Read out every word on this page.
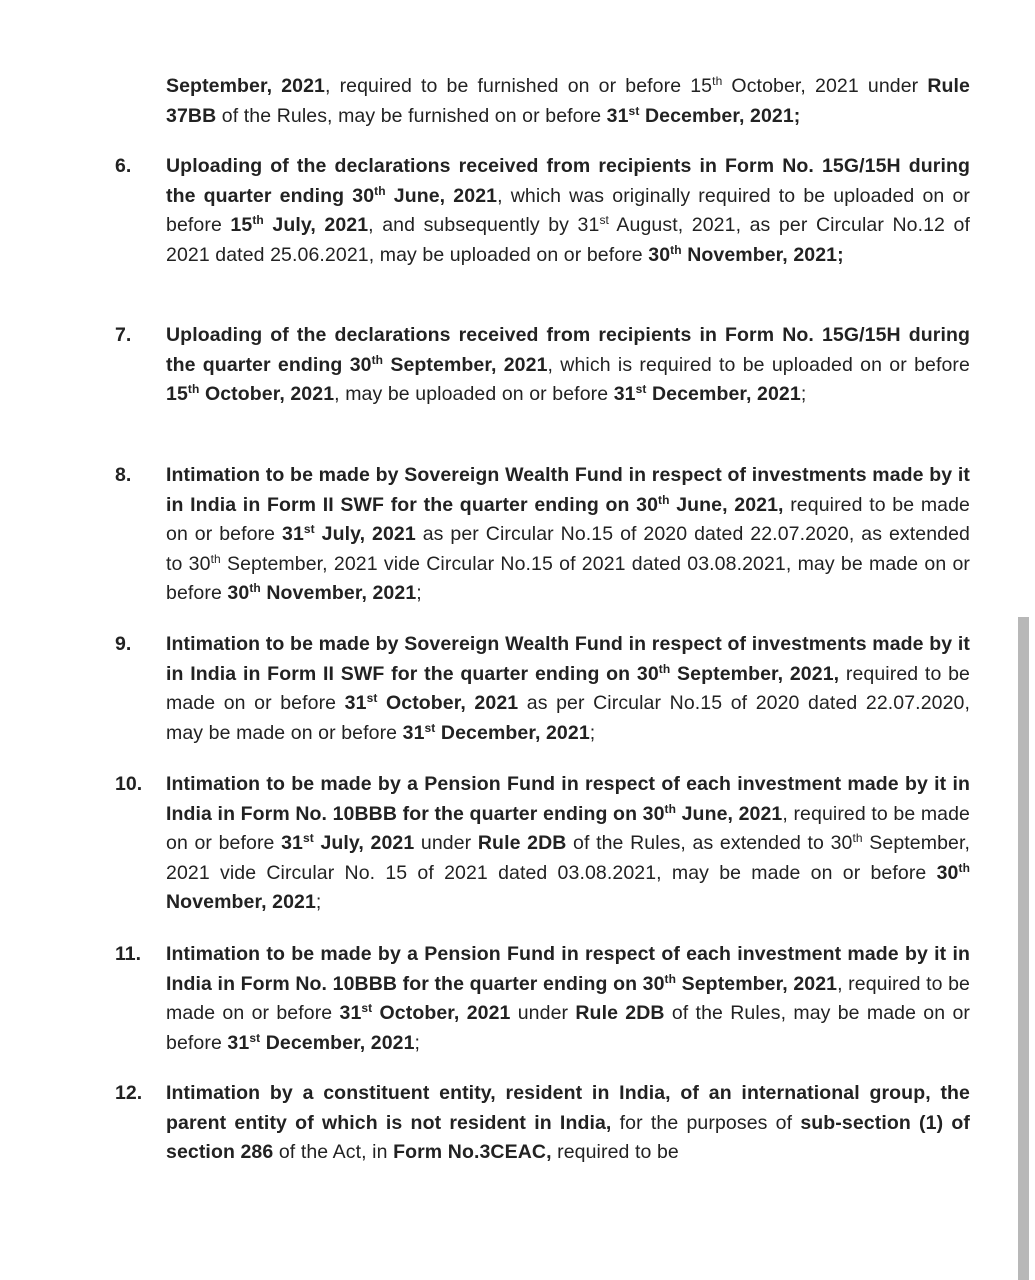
September, 2021, required to be furnished on or before 15th October, 2021 under Rule 37BB of the Rules, may be furnished on or before 31st December, 2021;
6. Uploading of the declarations received from recipients in Form No. 15G/15H during the quarter ending 30th June, 2021, which was originally required to be uploaded on or before 15th July, 2021, and subsequently by 31st August, 2021, as per Circular No.12 of 2021 dated 25.06.2021, may be uploaded on or before 30th November, 2021;
7. Uploading of the declarations received from recipients in Form No. 15G/15H during the quarter ending 30th September, 2021, which is required to be uploaded on or before 15th October, 2021, may be uploaded on or before 31st December, 2021;
8. Intimation to be made by Sovereign Wealth Fund in respect of investments made by it in India in Form II SWF for the quarter ending on 30th June, 2021, required to be made on or before 31st July, 2021 as per Circular No.15 of 2020 dated 22.07.2020, as extended to 30th September, 2021 vide Circular No.15 of 2021 dated 03.08.2021, may be made on or before 30th November, 2021;
9. Intimation to be made by Sovereign Wealth Fund in respect of investments made by it in India in Form II SWF for the quarter ending on 30th September, 2021, required to be made on or before 31st October, 2021 as per Circular No.15 of 2020 dated 22.07.2020, may be made on or before 31st December, 2021;
10. Intimation to be made by a Pension Fund in respect of each investment made by it in India in Form No. 10BBB for the quarter ending on 30th June, 2021, required to be made on or before 31st July, 2021 under Rule 2DB of the Rules, as extended to 30th September, 2021 vide Circular No. 15 of 2021 dated 03.08.2021, may be made on or before 30th November, 2021;
11. Intimation to be made by a Pension Fund in respect of each investment made by it in India in Form No. 10BBB for the quarter ending on 30th September, 2021, required to be made on or before 31st October, 2021 under Rule 2DB of the Rules, may be made on or before 31st December, 2021;
12. Intimation by a constituent entity, resident in India, of an international group, the parent entity of which is not resident in India, for the purposes of sub-section (1) of section 286 of the Act, in Form No.3CEAC, required to be
